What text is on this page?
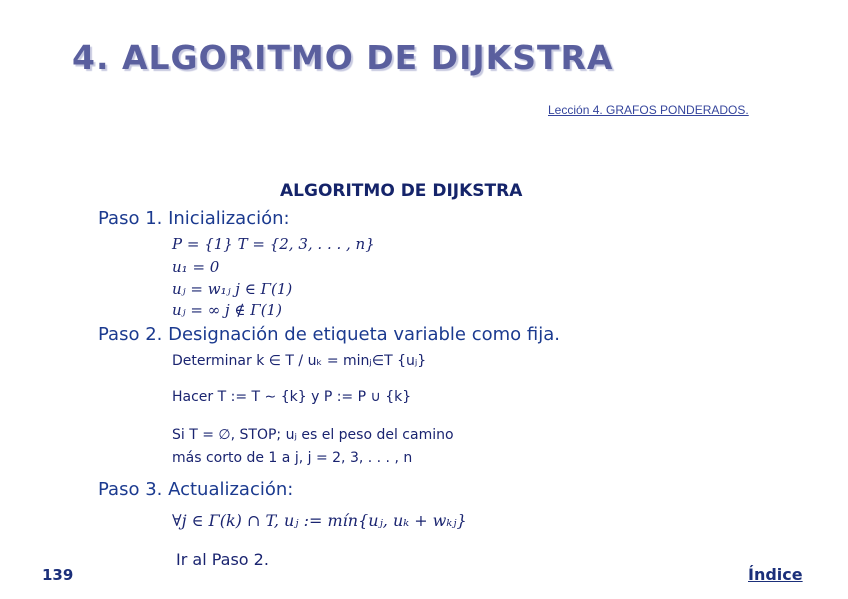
4. ALGORITMO DE DIJKSTRA
Lección 4. GRAFOS PONDERADOS.
ALGORITMO DE DIJKSTRA
Paso 1. Inicialización:
P = {1} T = {2, 3, . . . , n}
u₁ = 0
uⱼ = w₁ⱼ j ∈ Γ(1)
uⱼ = ∞ j ∉ Γ(1)
Paso 2. Designación de etiqueta variable como fija.
Determinar k ∈ T / uₖ = minⱼ∈T {uⱼ}
Hacer T := T ∼ {k} y P := P ∪ {k}
Si T = ∅, STOP; uⱼ es el peso del camino
más corto de 1 a j, j = 2, 3, . . . , n
Paso 3. Actualización:
∀j ∈ Γ(k) ∩ T, uⱼ := mín{uⱼ, uₖ + wₖⱼ}
Ir al Paso 2.
139	Índice
